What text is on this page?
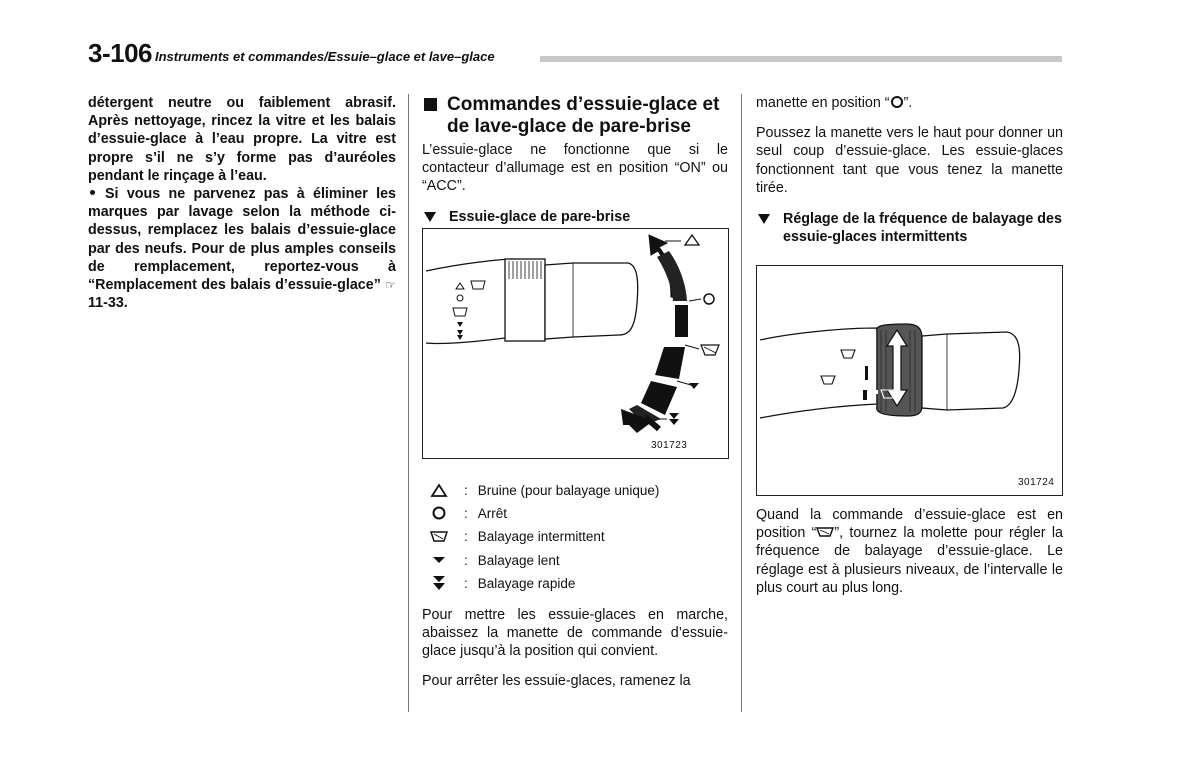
3-106 Instruments et commandes/Essuie–glace et lave–glace

détergent neutre ou faiblement abrasif. Après nettoyage, rincez la vitre et les balais d’essuie-glace à l’eau propre. La vitre est propre s’il ne s’y forme pas d’auréoles pendant le rinçage à l’eau.

Si vous ne parvenez pas à éliminer les marques par lavage selon la méthode ci-dessus, remplacez les balais d’essuie-glace par des neufs. Pour de plus amples conseils de remplacement, reportez-vous à “Remplacement des balais d’essuie-glace” ☞11-33.

Commandes d’essuie-glace et de lave-glace de pare-brise

L’essuie-glace ne fonctionne que si le contacteur d’allumage est en position “ON” ou “ACC”.

Essuie-glace de pare-brise
301723
: Bruine (pour balayage unique)
: Arrêt
: Balayage intermittent
: Balayage lent
: Balayage rapide

Pour mettre les essuie-glaces en marche, abaissez la manette de commande d’essuie-glace jusqu’à la position qui convient.

Pour arrêter les essuie-glaces, ramenez la

manette en position “ ”.

Poussez la manette vers le haut pour donner un seul coup d’essuie-glace. Les essuie-glaces fonctionnent tant que vous tenez la manette tirée.

Réglage de la fréquence de balayage des essuie-glaces intermittents
301724

Quand la commande d’essuie-glace est en position “ ”, tournez la molette pour régler la fréquence de balayage d’essuie-glace. Le réglage est à plusieurs niveaux, de l’intervalle le plus court au plus long.
